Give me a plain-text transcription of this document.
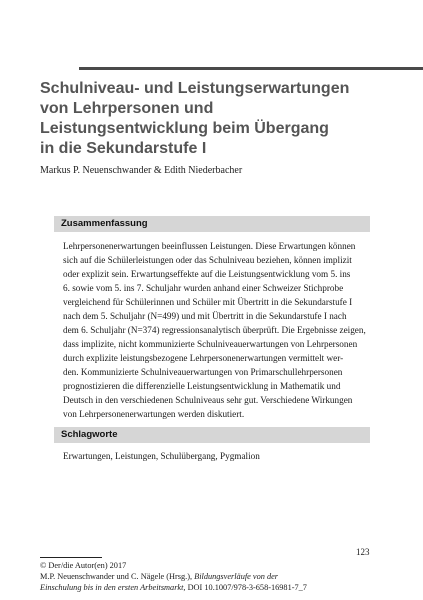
Schulniveau- und Leistungserwartungen
von Lehrpersonen und
Leistungsentwicklung beim Übergang
in die Sekundarstufe I
Markus P. Neuenschwander & Edith Niederbacher
Zusammenfassung
Lehrpersonenerwartungen beeinflussen Leistungen. Diese Erwartungen können
sich auf die Schülerleistungen oder das Schulniveau beziehen, können implizit
oder explizit sein. Erwartungseffekte auf die Leistungsentwicklung vom 5. ins
6. sowie vom 5. ins 7. Schuljahr wurden anhand einer Schweizer Stichprobe
vergleichend für Schülerinnen und Schüler mit Übertritt in die Sekundarstufe I
nach dem 5. Schuljahr (N=499) und mit Übertritt in die Sekundarstufe I nach
dem 6. Schuljahr (N=374) regressionsanalytisch überprüft. Die Ergebnisse zeigen,
dass implizite, nicht kommunizierte Schulniveauerwartungen von Lehrpersonen
durch explizite leistungsbezogene Lehrpersonenerwartungen vermittelt wer-
den. Kommunizierte Schulniveauerwartungen von Primarschullehrpersonen
prognostizieren die differenzielle Leistungsentwicklung in Mathematik und
Deutsch in den verschiedenen Schulniveaus sehr gut. Verschiedene Wirkungen
von Lehrpersonenerwartungen werden diskutiert.
Schlagworte
Erwartungen, Leistungen, Schulübergang, Pygmalion
123
© Der/die Autor(en) 2017
M.P. Neuenschwander und C. Nägele (Hrsg.), Bildungsverläufe von der
Einschulung bis in den ersten Arbeitsmarkt, DOI 10.1007/978-3-658-16981-7_7
